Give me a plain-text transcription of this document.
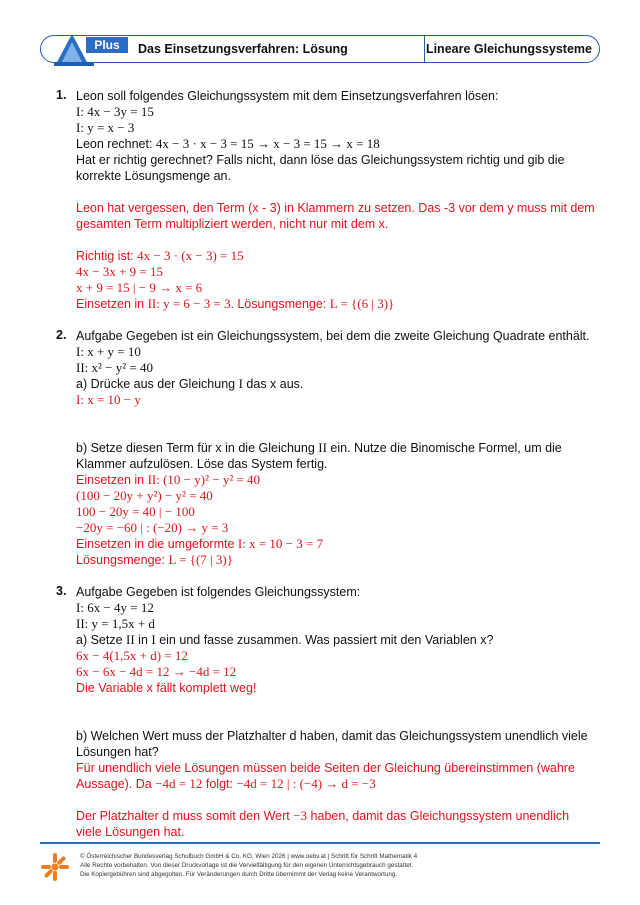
Plus	Das Einsetzungsverfahren: Lösung	Lineare Gleichungssysteme
1. Leon soll folgendes Gleichungssystem mit dem Einsetzungsverfahren lösen:
I: 4x − 3y = 15
I: y = x − 3
Leon rechnet: 4x − 3 · x − 3 = 15 → x − 3 = 15 → x = 18
Hat er richtig gerechnet? Falls nicht, dann löse das Gleichungssystem richtig und gib die korrekte Lösungsmenge an.
Leon hat vergessen, den Term (x - 3) in Klammern zu setzen. Das -3 vor dem y muss mit dem gesamten Term multipliziert werden, nicht nur mit dem x.
Richtig ist: 4x − 3 · (x − 3) = 15
4x − 3x + 9 = 15
x + 9 = 15 | − 9 → x = 6
Einsetzen in II: y = 6 − 3 = 3. Lösungsmenge: L = {(6 | 3)}
2. Aufgabe Gegeben ist ein Gleichungssystem, bei dem die zweite Gleichung Quadrate enthält.
I: x + y = 10
II: x² − y² = 40
a) Drücke aus der Gleichung I das x aus.
I: x = 10 − y
b) Setze diesen Term für x in die Gleichung II ein. Nutze die Binomische Formel, um die Klammer aufzulösen. Löse das System fertig.
Einsetzen in II: (10 − y)² − y² = 40
(100 − 20y + y²) − y² = 40
100 − 20y = 40 | − 100
−20y = −60 | : (−20) → y = 3
Einsetzen in die umgeformte I: x = 10 − 3 = 7
Lösungsmenge: L = {(7 | 3)}
3. Aufgabe Gegeben ist folgendes Gleichungssystem:
I: 6x − 4y = 12
II: y = 1,5x + d
a) Setze II in I ein und fasse zusammen. Was passiert mit den Variablen x?
6x − 4(1,5x + d) = 12
6x − 6x − 4d = 12 → −4d = 12
Die Variable x fällt komplett weg!
b) Welchen Wert muss der Platzhalter d haben, damit das Gleichungssystem unendlich viele Lösungen hat?
Für unendlich viele Lösungen müssen beide Seiten der Gleichung übereinstimmen (wahre Aussage). Da −4d = 12 folgt: −4d = 12 | : (−4) → d = −3
Der Platzhalter d muss somit den Wert −3 haben, damit das Gleichungssystem unendlich viele Lösungen hat.
© Österreichischer Bundesverlag Schulbuch GmbH & Co. KG, Wien 2026 | www.oebv.at | Schritt für Schritt Mathematik 4
Alle Rechte vorbehalten. Von dieser Druckvorlage ist die Vervielfältigung für den eigenen Unterrichtsgebrauch gestattet.
Die Kopiergebühren sind abgegolten. Für Veränderungen durch Dritte übernimmt der Verlag keine Verantwortung.
